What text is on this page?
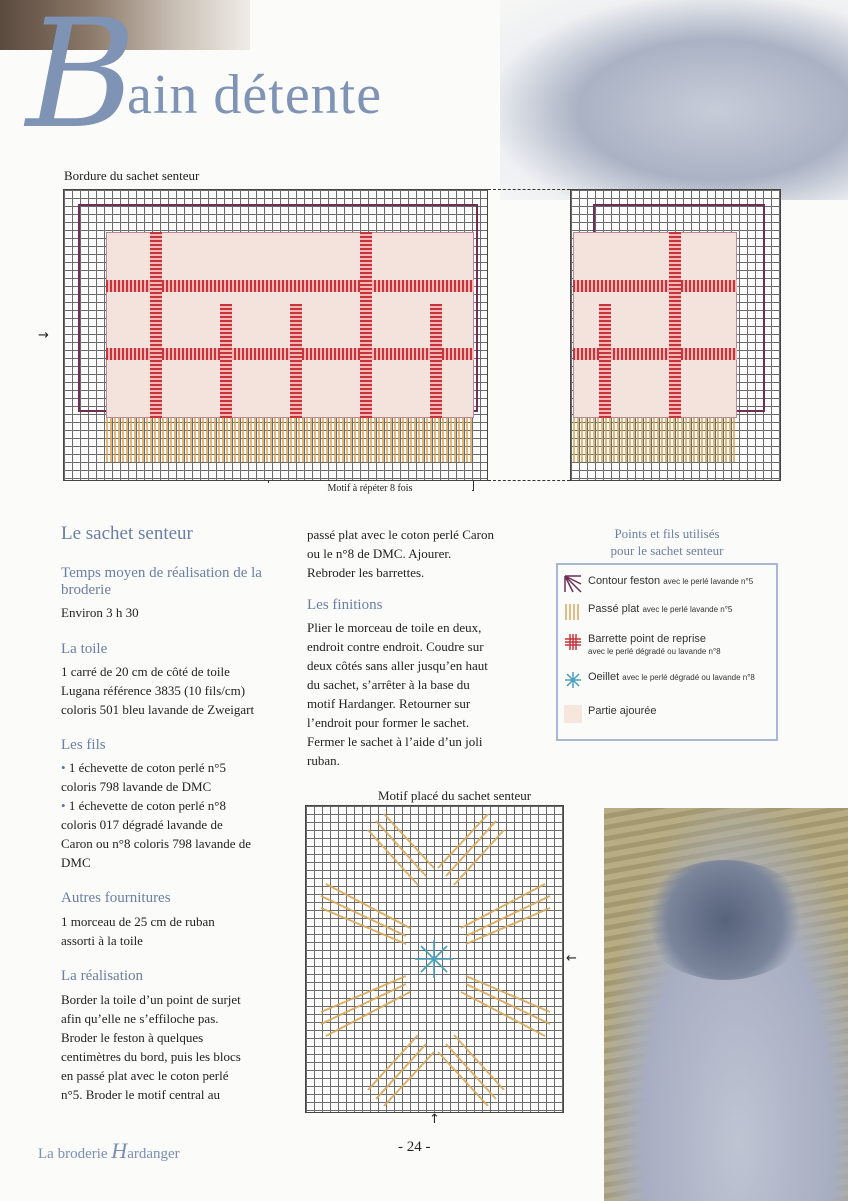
B
ain détente
Bordure du sachet senteur
→
Motif à répéter 8 fois
Le sachet senteur
Temps moyen de réalisation de la broderie
Environ 3 h 30
La toile
1 carré de 20 cm de côté de toile
Lugana référence 3835 (10 fils/cm)
coloris 501 bleu lavande de Zweigart
Les fils
• 1 échevette de coton perlé n°5
coloris 798 lavande de DMC
• 1 échevette de coton perlé n°8
coloris 017 dégradé lavande de
Caron ou n°8 coloris 798 lavande de
DMC
Autres fournitures
1 morceau de 25 cm de ruban
assorti à la toile
La réalisation
Border la toile d’un point de surjet
afin qu’elle ne s’effiloche pas.
Broder le feston à quelques
centimètres du bord, puis les blocs
en passé plat avec le coton perlé
n°5. Broder le motif central au
passé plat avec le coton perlé Caron
ou le n°8 de DMC. Ajourer.
Rebroder les barrettes.
Les finitions
Plier le morceau de toile en deux,
endroit contre endroit. Coudre sur
deux côtés sans aller jusqu’en haut
du sachet, s’arrêter à la base du
motif Hardanger. Retourner sur
l’endroit pour former le sachet.
Fermer le sachet à l’aide d’un joli
ruban.
Points et fils utilisés
pour le sachet senteur
Contour feston avec le perlé lavande n°5
Passé plat avec le perlé lavande n°5
Barrette point de reprise
avec le perlé dégradé ou lavande n°8
Oeillet avec le perlé dégradé ou lavande n°8
Partie ajourée
Motif placé du sachet senteur
←
↑
La broderie Hardanger	- 24 -
